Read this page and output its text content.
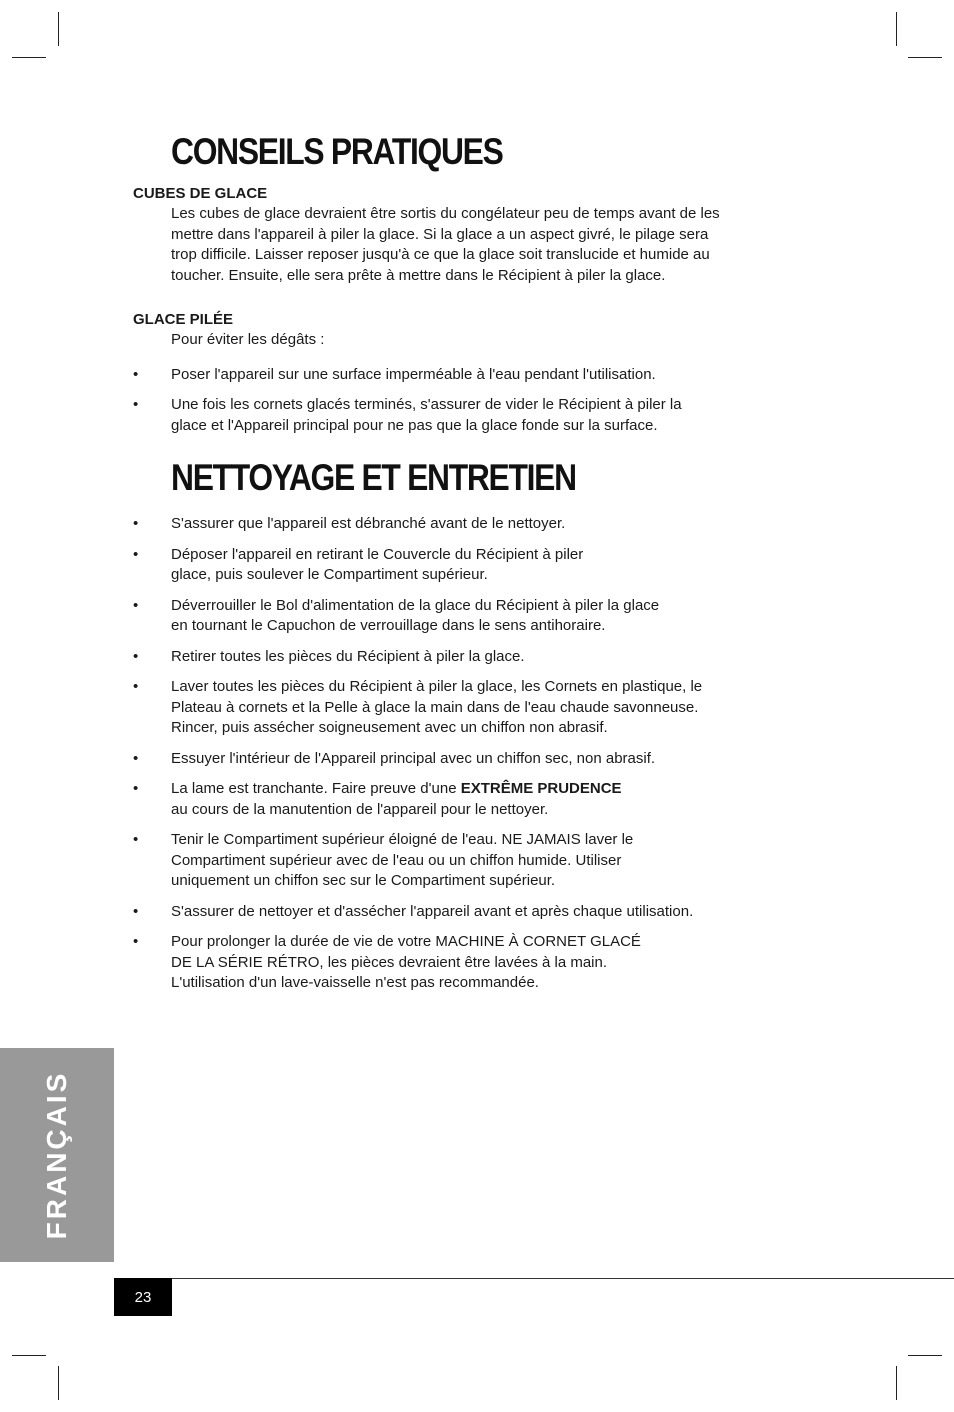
CONSEILS PRATIQUES
CUBES DE GLACE
Les cubes de glace devraient être sortis du congélateur peu de temps avant de les
mettre dans l'appareil à piler la glace. Si la glace a un aspect givré, le pilage sera
trop difficile. Laisser reposer jusqu'à ce que la glace soit translucide et humide au
toucher. Ensuite, elle sera prête à mettre dans le Récipient à piler la glace.
GLACE PILÉE
Pour éviter les dégâts :
• Poser l'appareil sur une surface imperméable à l'eau pendant l'utilisation.
• Une fois les cornets glacés terminés, s'assurer de vider le Récipient à piler la
glace et l'Appareil principal pour ne pas que la glace fonde sur la surface.
NETTOYAGE ET ENTRETIEN
• S'assurer que l'appareil est débranché avant de le nettoyer.
• Déposer l'appareil en retirant le Couvercle du Récipient à piler
glace, puis soulever le Compartiment supérieur.
• Déverrouiller le Bol d'alimentation de la glace du Récipient à piler la glace
en tournant le Capuchon de verrouillage dans le sens antihoraire.
• Retirer toutes les pièces du Récipient à piler la glace.
• Laver toutes les pièces du Récipient à piler la glace, les Cornets en plastique, le
Plateau à cornets et la Pelle à glace la main dans de l'eau chaude savonneuse.
Rincer, puis assécher soigneusement avec un chiffon non abrasif.
• Essuyer l'intérieur de l'Appareil principal avec un chiffon sec, non abrasif.
• La lame est tranchante. Faire preuve d'une EXTRÊME PRUDENCE
au cours de la manutention de l'appareil pour le nettoyer.
• Tenir le Compartiment supérieur éloigné de l'eau. NE JAMAIS laver le
Compartiment supérieur avec de l'eau ou un chiffon humide. Utiliser
uniquement un chiffon sec sur le Compartiment supérieur.
• S'assurer de nettoyer et d'assécher l'appareil avant et après chaque utilisation.
• Pour prolonger la durée de vie de votre MACHINE À CORNET GLACÉ
DE LA SÉRIE RÉTRO, les pièces devraient être lavées à la main.
L'utilisation d'un lave-vaisselle n'est pas recommandée.
FRANÇAIS
23
